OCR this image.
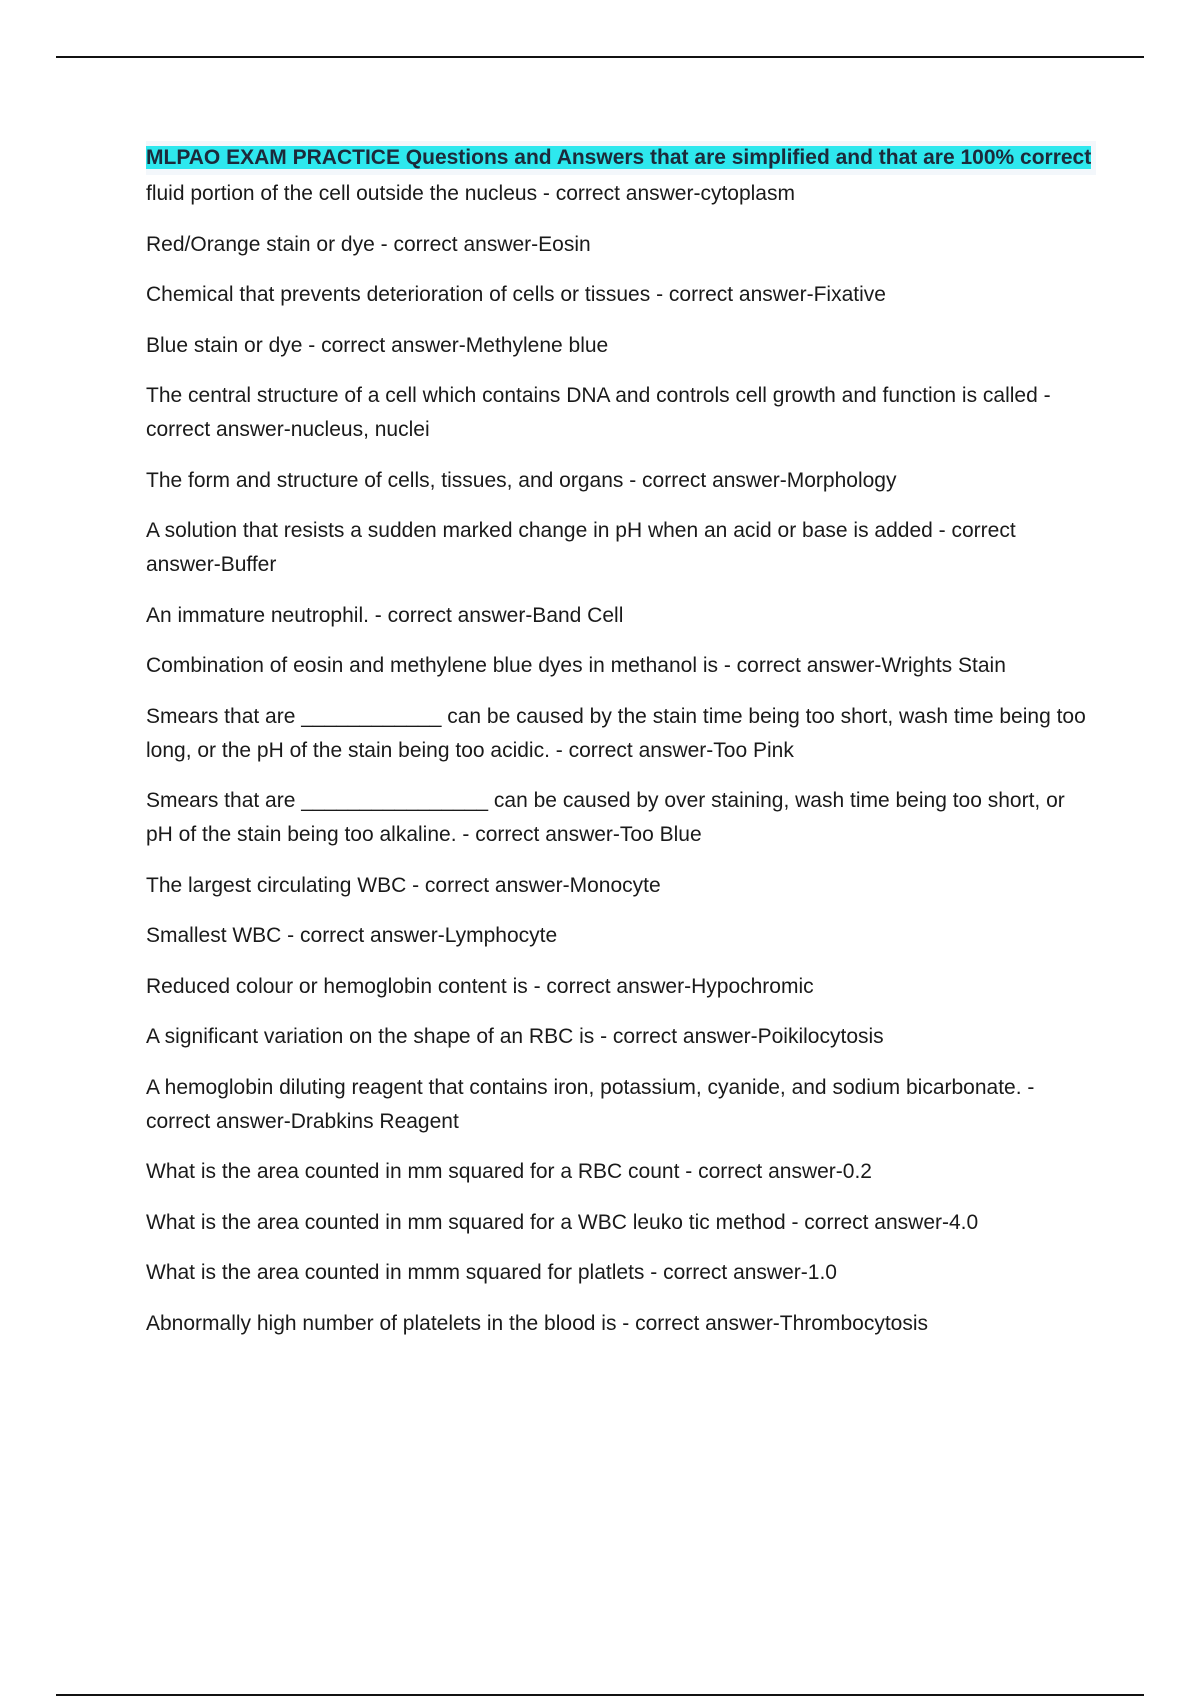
MLPAO EXAM PRACTICE Questions and Answers that are simplified and that are 100% correct
fluid portion of the cell outside the nucleus - correct answer-cytoplasm
Red/Orange stain or dye - correct answer-Eosin
Chemical that prevents deterioration of cells or tissues - correct answer-Fixative
Blue stain or dye - correct answer-Methylene blue
The central structure of a cell which contains DNA and controls cell growth and function is called - correct answer-nucleus, nuclei
The form and structure of cells, tissues, and organs - correct answer-Morphology
A solution that resists a sudden marked change in pH when an acid or base is added - correct answer-Buffer
An immature neutrophil. - correct answer-Band Cell
Combination of eosin and methylene blue dyes in methanol is - correct answer-Wrights Stain
Smears that are ____________ can be caused by the stain time being too short, wash time being too long, or the pH of the stain being too acidic. - correct answer-Too Pink
Smears that are ________________ can be caused by over staining, wash time being too short, or pH of the stain being too alkaline. - correct answer-Too Blue
The largest circulating WBC - correct answer-Monocyte
Smallest WBC - correct answer-Lymphocyte
Reduced colour or hemoglobin content is - correct answer-Hypochromic
A significant variation on the shape of an RBC is - correct answer-Poikilocytosis
A hemoglobin diluting reagent that contains iron, potassium, cyanide, and sodium bicarbonate. - correct answer-Drabkins Reagent
What is the area counted in mm squared for a RBC count - correct answer-0.2
What is the area counted in mm squared for a WBC leuko tic method - correct answer-4.0
What is the area counted in mmm squared for platlets - correct answer-1.0
Abnormally high number of platelets in the blood is - correct answer-Thrombocytosis
